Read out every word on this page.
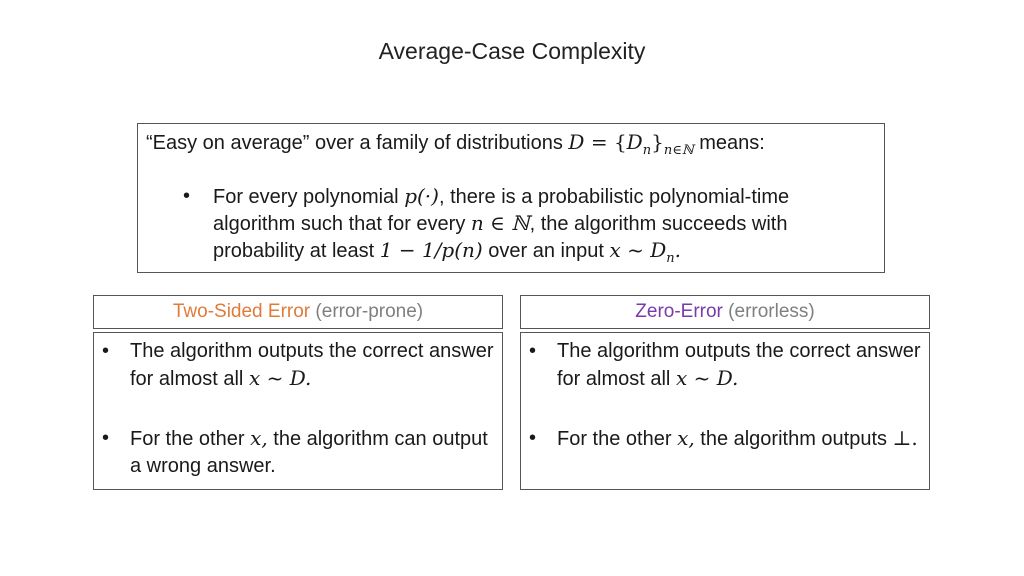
Average-Case Complexity
“Easy on average” over a family of distributions $D = \{D_n\}_{n\in ℕ}$ means:
• For every polynomial p(·), there is a probabilistic polynomial-time
algorithm such that for every n ∈ ℕ, the algorithm succeeds with
probability at least 1 − 1/p(n) over an input x ~ $D_n$.
Two-Sided Error (error-prone)	Zero-Error (errorless)
• The algorithm outputs the correct answer for almost all x ~ D.
• For the other x, the algorithm can output a wrong answer.
• The algorithm outputs the correct answer for almost all x ~ D.
• For the other x, the algorithm outputs ⊥.
